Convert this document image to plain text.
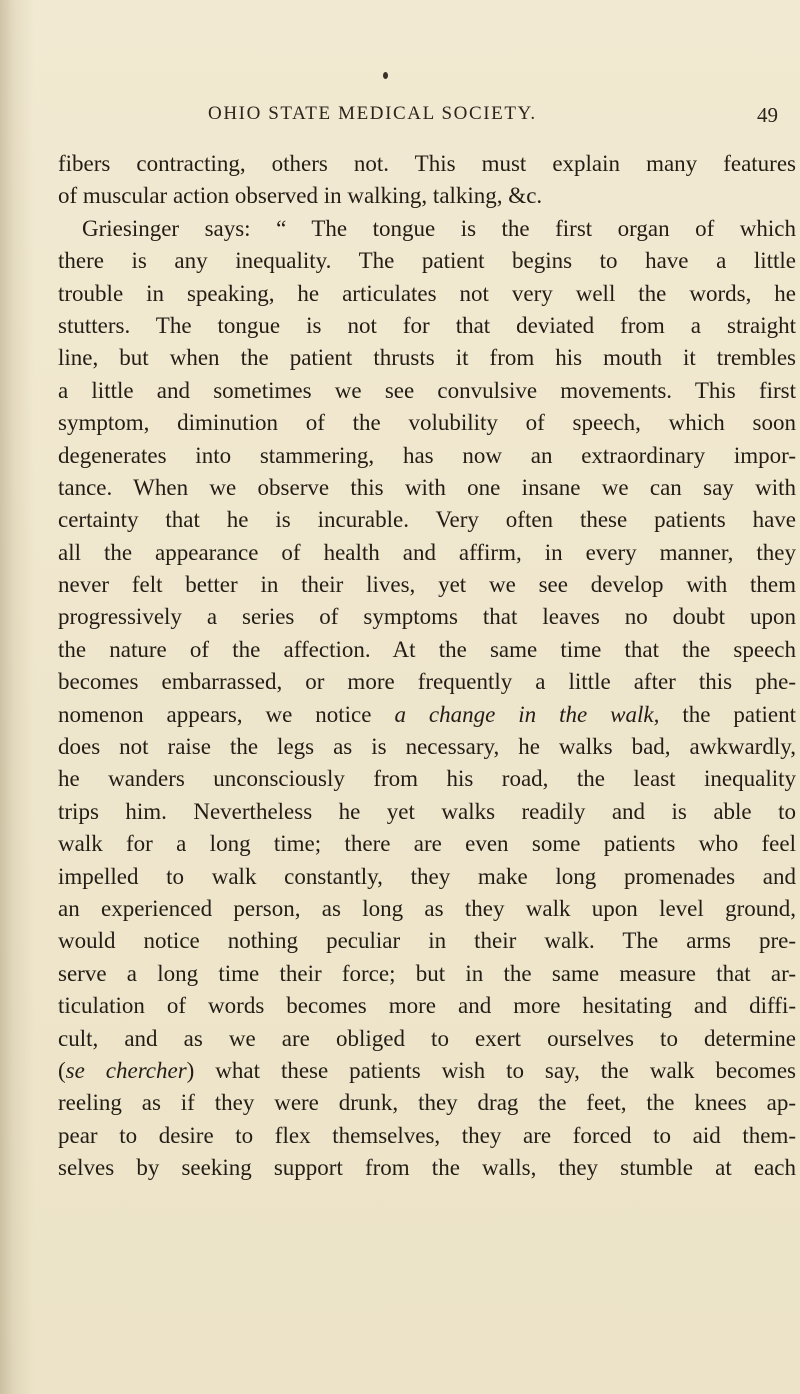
OHIO STATE MEDICAL SOCIETY.	49
fibers contracting, others not. This must explain many features
of muscular action observed in walking, talking, &c.
Griesinger says: “ The tongue is the first organ of which
there is any inequality. The patient begins to have a little
trouble in speaking, he articulates not very well the words, he
stutters. The tongue is not for that deviated from a straight
line, but when the patient thrusts it from his mouth it trembles
a little and sometimes we see convulsive movements. This first
symptom, diminution of the volubility of speech, which soon
degenerates into stammering, has now an extraordinary impor-
tance. When we observe this with one insane we can say with
certainty that he is incurable. Very often these patients have
all the appearance of health and affirm, in every manner, they
never felt better in their lives, yet we see develop with them
progressively a series of symptoms that leaves no doubt upon
the nature of the affection. At the same time that the speech
becomes embarrassed, or more frequently a little after this phe-
nomenon appears, we notice a change in the walk, the patient
does not raise the legs as is necessary, he walks bad, awkwardly,
he wanders unconsciously from his road, the least inequality
trips him. Nevertheless he yet walks readily and is able to
walk for a long time; there are even some patients who feel
impelled to walk constantly, they make long promenades and
an experienced person, as long as they walk upon level ground,
would notice nothing peculiar in their walk. The arms pre-
serve a long time their force; but in the same measure that ar-
ticulation of words becomes more and more hesitating and diffi-
cult, and as we are obliged to exert ourselves to determine
(se chercher) what these patients wish to say, the walk becomes
reeling as if they were drunk, they drag the feet, the knees ap-
pear to desire to flex themselves, they are forced to aid them-
selves by seeking support from the walls, they stumble at each
